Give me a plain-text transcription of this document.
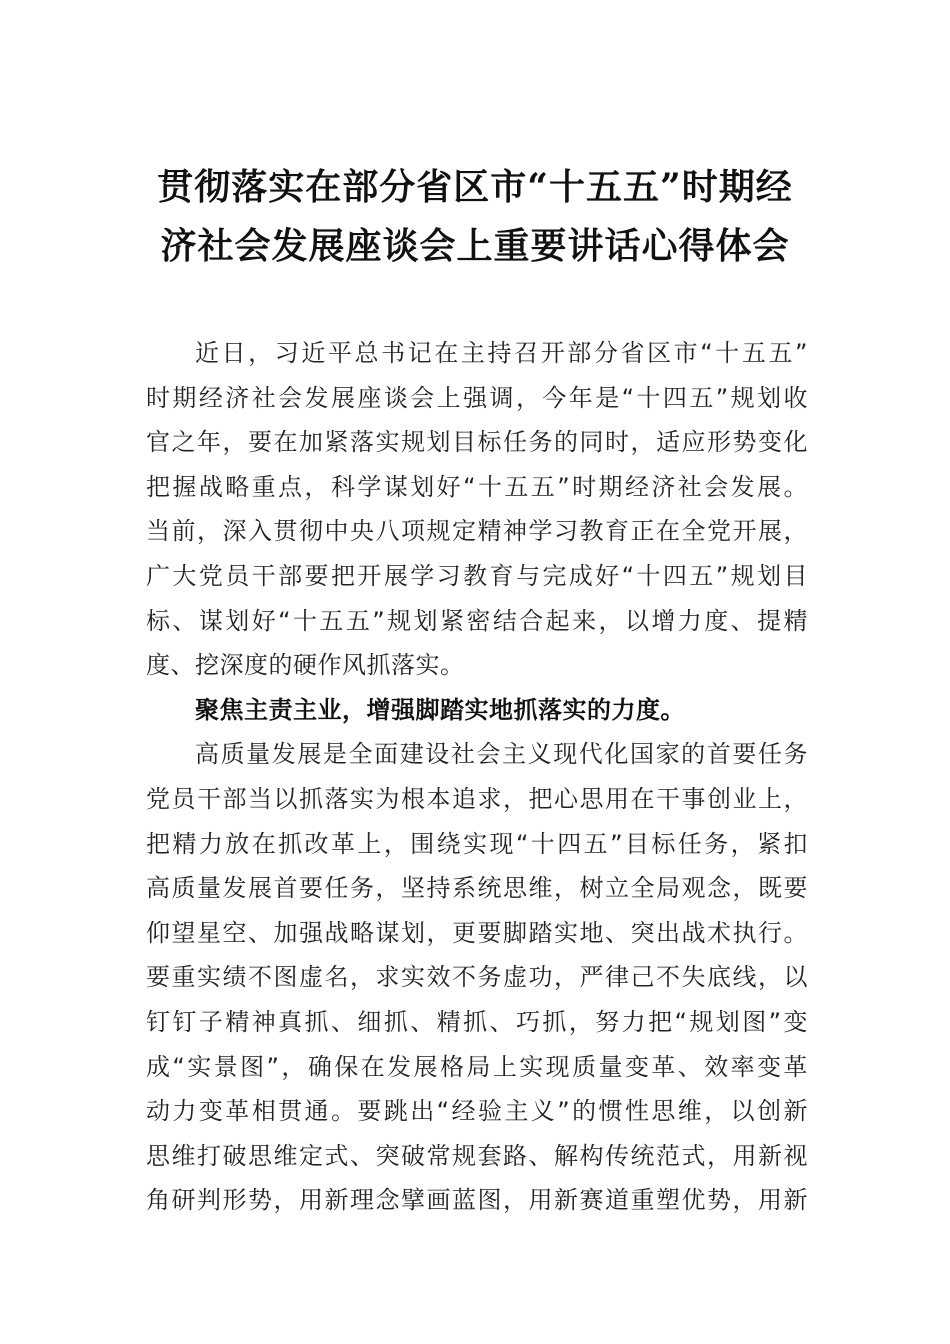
贯彻落实在部分省区市“十五五”时期经
济社会发展座谈会上重要讲话心得体会
近日，习近平总书记在主持召开部分省区市“十五五”
时期经济社会发展座谈会上强调，今年是“十四五”规划收
官之年，要在加紧落实规划目标任务的同时，适应形势变化
把握战略重点，科学谋划好“十五五”时期经济社会发展。
当前，深入贯彻中央八项规定精神学习教育正在全党开展，
广大党员干部要把开展学习教育与完成好“十四五”规划目
标、谋划好“十五五”规划紧密结合起来，以增力度、提精
度、挖深度的硬作风抓落实。
聚焦主责主业，增强脚踏实地抓落实的力度。
高质量发展是全面建设社会主义现代化国家的首要任务
党员干部当以抓落实为根本追求，把心思用在干事创业上，
把精力放在抓改革上，围绕实现“十四五”目标任务，紧扣
高质量发展首要任务，坚持系统思维，树立全局观念，既要
仰望星空、加强战略谋划，更要脚踏实地、突出战术执行。
要重实绩不图虚名，求实效不务虚功，严律己不失底线，以
钉钉子精神真抓、细抓、精抓、巧抓，努力把“规划图”变
成“实景图”，确保在发展格局上实现质量变革、效率变革
动力变革相贯通。要跳出“经验主义”的惯性思维，以创新
思维打破思维定式、突破常规套路、解构传统范式，用新视
角研判形势，用新理念擘画蓝图，用新赛道重塑优势，用新
